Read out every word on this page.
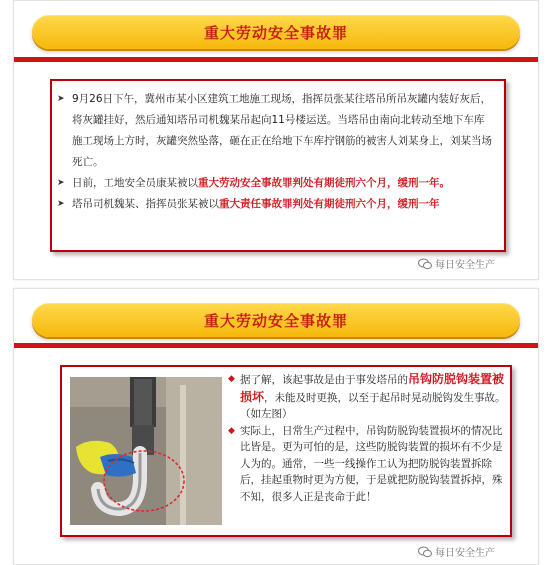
重大劳动安全事故罪
➤ 9月26日下午，冀州市某小区建筑工地施工现场，指挥员张某往塔吊所吊灰罐内装好灰后，将灰罐挂好，然后通知塔吊司机魏某吊起向11号楼运送。当塔吊由南向北转动至地下车库施工现场上方时，灰罐突然坠落，砸在正在给地下车库拧钢筋的被害人刘某身上，刘某当场死亡。
➤ 日前，工地安全员康某被以重大劳动安全事故罪判处有期徒刑六个月，缓刑一年。
➤ 塔吊司机魏某、指挥员张某被以重大责任事故罪判处有期徒刑六个月，缓刑一年
每日安全生产
重大劳动安全事故罪
◆ 据了解，该起事故是由于事发塔吊的吊钩防脱钩装置被损坏，未能及时更换，以至于起吊时晃动脱钩发生事故。（如左图）
◆ 实际上，日常生产过程中，吊钩防脱钩装置损坏的情况比比皆是。更为可怕的是，这些防脱钩装置的损坏有不少是人为的。通常，一些一线操作工认为把防脱钩装置拆除后，挂起重物时更为方便，于是就把防脱钩装置拆掉，殊不知，很多人正是丧命于此！
每日安全生产
